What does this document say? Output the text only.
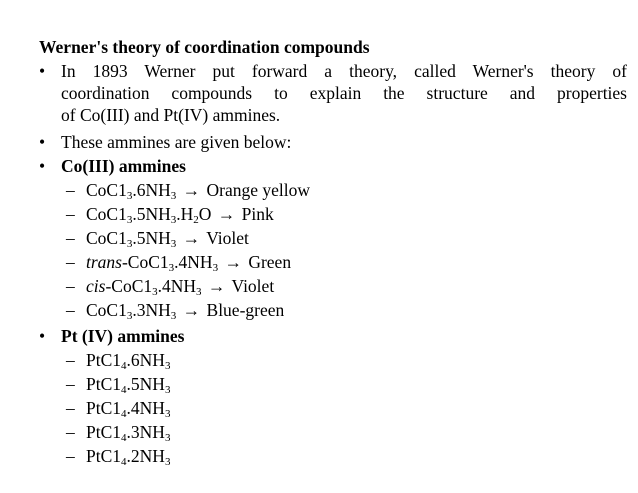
Werner's theory of coordination compounds
• In 1893 Werner put forward a theory, called Werner's theory of
coordination compounds to explain the structure and properties
of Co(III) and Pt(IV) ammines.
• These ammines are given below:
• Co(III) ammines
– $CoC1_3.6NH_3$ → Orange yellow
– $CoC1_3.5NH_3.H_2O$ → Pink
– $CoC1_3.5NH_3$ → Violet
– trans-$CoC1_3.4NH_3$ → Green
– cis-$CoC1_3.4NH_3$ → Violet
– $CoC1_3.3NH_3$ → Blue-green
• Pt (IV) ammines
– $PtC1_4.6NH_3$
– $PtC1_4.5NH_3$
– $PtC1_4.4NH_3$
– $PtC1_4.3NH_3$
– $PtC1_4.2NH_3$
